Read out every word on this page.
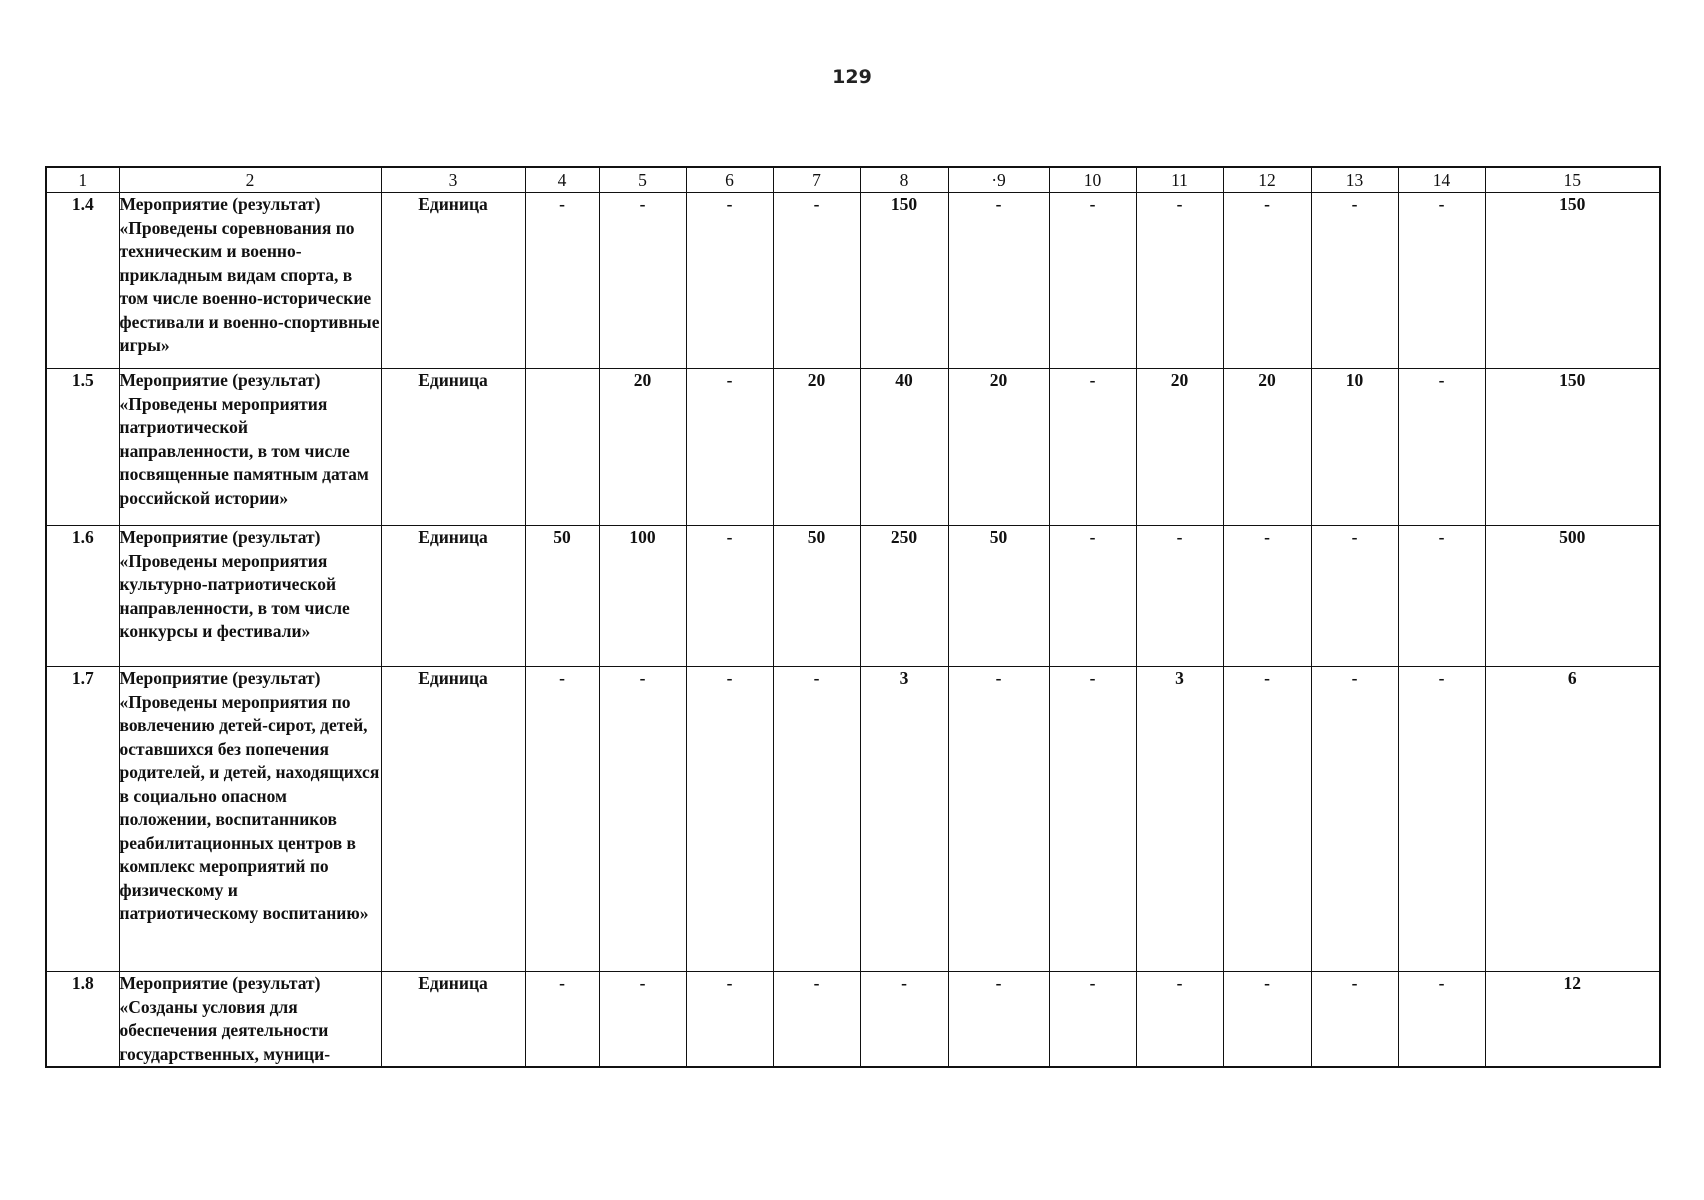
129
1	2	3	4	5	6	7	8	·9	10	11	12	13	14	15
1.4	Мероприятие (результат) «Проведены соревнования по техническим и военно-прикладным видам спорта, в том числе военно-исторические фестивали и военно-спортивные игры»	Единица	-	-	-	-	150	-	-	-	-	-	-	150
1.5	Мероприятие (результат) «Проведены мероприятия патриотической направленности, в том числе посвященные памятным датам российской истории»	Единица		20	-	20	40	20	-	20	20	10	-	150
1.6	Мероприятие (результат) «Проведены мероприятия культурно-патриотической направленности, в том числе конкурсы и фестивали»	Единица	50	100	-	50	250	50	-	-	-	-	-	500
1.7	Мероприятие (результат) «Проведены мероприятия по вовлечению детей-сирот, детей, оставшихся без попечения родителей, и детей, находящихся в социально опасном положении, воспитанников реабилитационных центров в комплекс мероприятий по физическому и патриотическому воспитанию»	Единица	-	-	-	-	3	-	-	3	-	-	-	6
1.8	Мероприятие (результат) «Созданы условия для обеспечения деятельности государственных, муници-	Единица	-	-	-	-	-	-	-	-	-	-	-	12
